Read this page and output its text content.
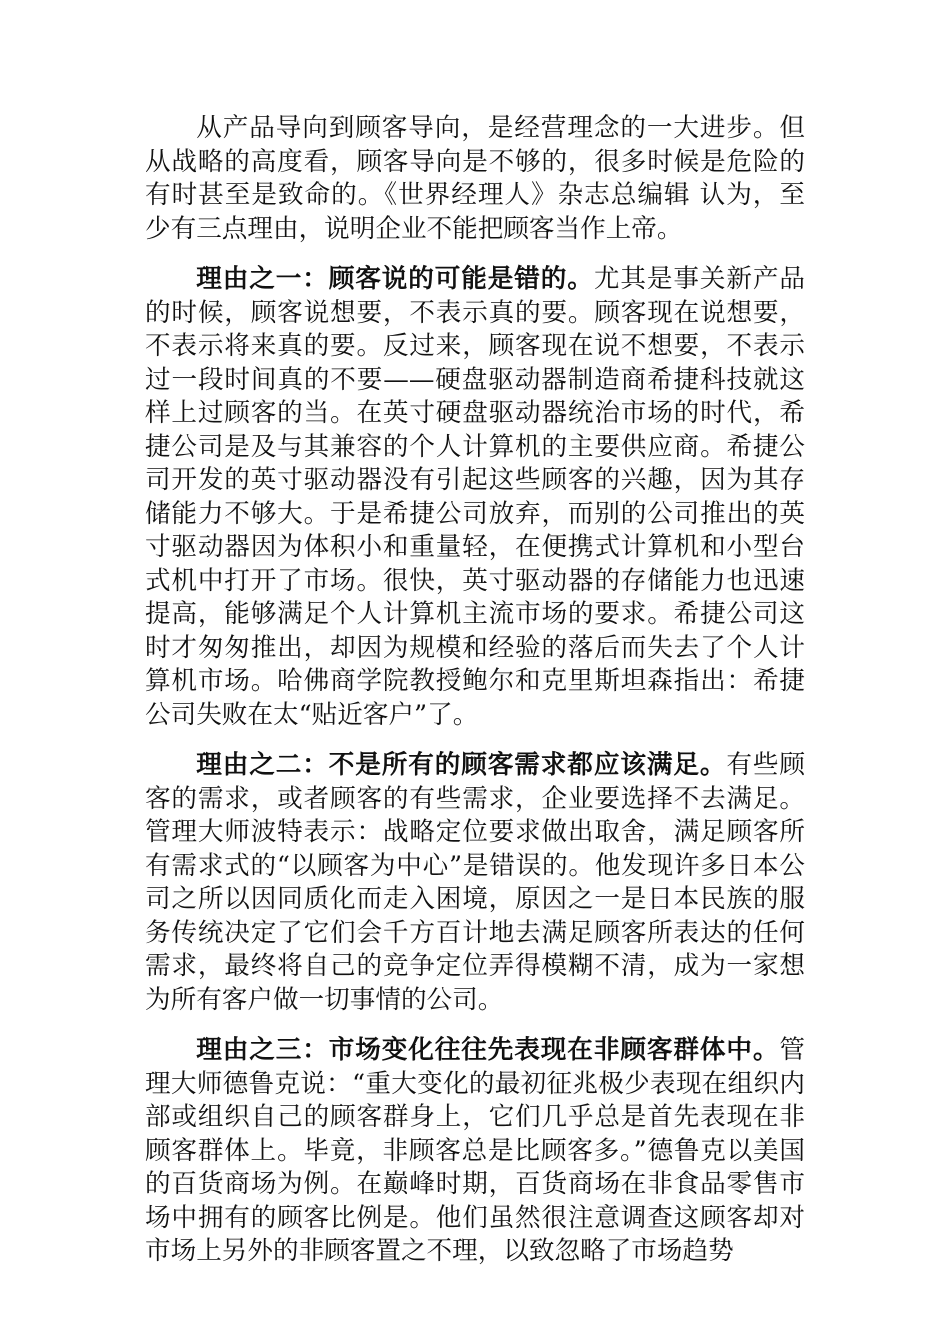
从产品导向到顾客导向，是经营理念的一大进步。但从战略的高度看，顾客导向是不够的，很多时候是危险的有时甚至是致命的。《世界经理人》杂志总编辑 认为，至少有三点理由，说明企业不能把顾客当作上帝。

理由之一：顾客说的可能是错的。尤其是事关新产品的时候，顾客说想要，不表示真的要。顾客现在说想要，不表示将来真的要。反过来，顾客现在说不想要，不表示过一段时间真的不要——硬盘驱动器制造商希捷科技就这样上过顾客的当。在英寸硬盘驱动器统治市场的时代，希捷公司是及与其兼容的个人计算机的主要供应商。希捷公司开发的英寸驱动器没有引起这些顾客的兴趣，因为其存储能力不够大。于是希捷公司放弃，而别的公司推出的英寸驱动器因为体积小和重量轻，在便携式计算机和小型台式机中打开了市场。很快，英寸驱动器的存储能力也迅速提高，能够满足个人计算机主流市场的要求。希捷公司这时才匆匆推出，却因为规模和经验的落后而失去了个人计算机市场。哈佛商学院教授鲍尔和克里斯坦森指出：希捷公司失败在太“贴近客户”了。

理由之二：不是所有的顾客需求都应该满足。有些顾客的需求，或者顾客的有些需求，企业要选择不去满足。管理大师波特表示：战略定位要求做出取舍，满足顾客所有需求式的“以顾客为中心”是错误的。他发现许多日本公司之所以因同质化而走入困境，原因之一是日本民族的服务传统决定了它们会千方百计地去满足顾客所表达的任何需求，最终将自己的竞争定位弄得模糊不清，成为一家想为所有客户做一切事情的公司。

理由之三：市场变化往往先表现在非顾客群体中。管理大师德鲁克说：“重大变化的最初征兆极少表现在组织内部或组织自己的顾客群身上，它们几乎总是首先表现在非顾客群体上。毕竟，非顾客总是比顾客多。”德鲁克以美国的百货商场为例。在巅峰时期，百货商场在非食品零售市场中拥有的顾客比例是。他们虽然很注意调查这顾客却对市场上另外的非顾客置之不理，以致忽略了市场趋势
